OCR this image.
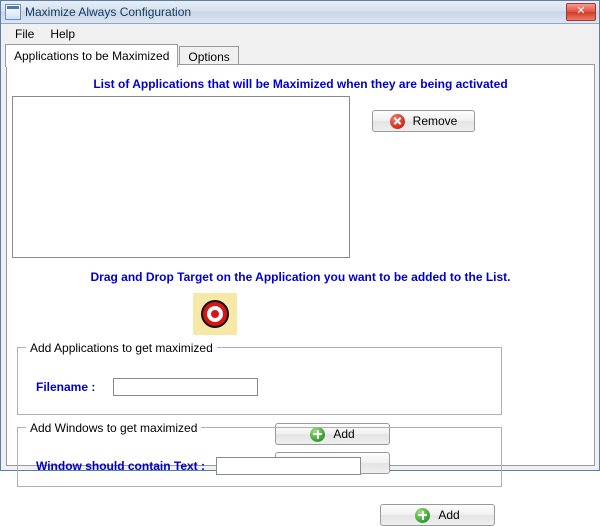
Maximize Always Configuration	✕
File	Help
Applications to be Maximized	Options
List of Applications that will be Maximized when they are being activated
Remove
Drag and Drop Target on the Application you want to be added to the List.
Add Applications to get maximized
Filename :
Add
Add Windows to get maximized
Window should contain Text :
Add
